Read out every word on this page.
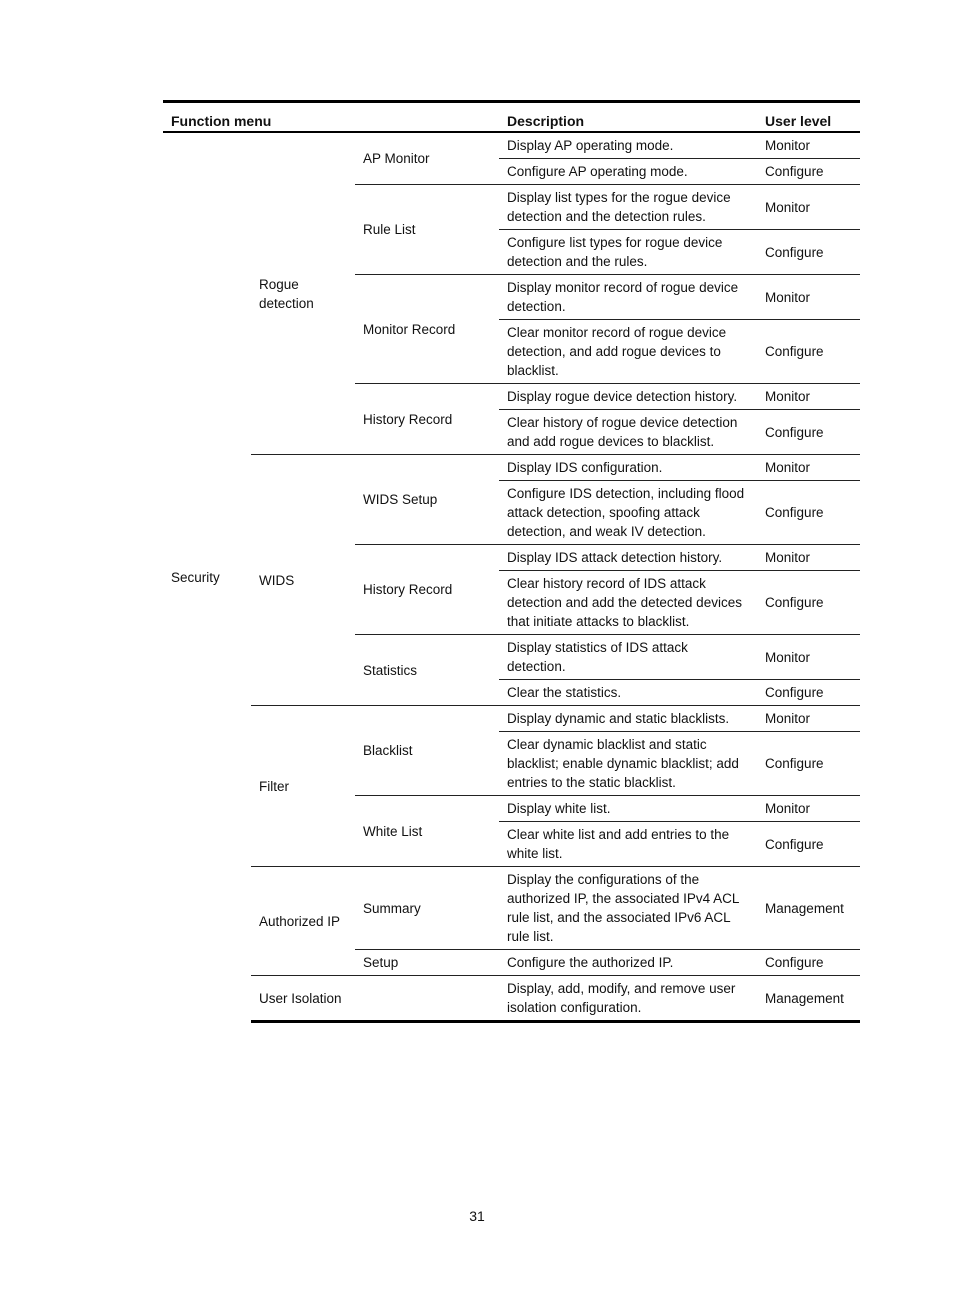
Function menu			Description	User level
Security	Rogue detection	AP Monitor	Display AP operating mode.	Monitor
			Configure AP operating mode.	Configure
		Rule List	Display list types for the rogue device detection and the detection rules.	Monitor
			Configure list types for rogue device detection and the rules.	Configure
		Monitor Record	Display monitor record of rogue device detection.	Monitor
			Clear monitor record of rogue device detection, and add rogue devices to blacklist.	Configure
		History Record	Display rogue device detection history.	Monitor
			Clear history of rogue device detection and add rogue devices to blacklist.	Configure
	WIDS	WIDS Setup	Display IDS configuration.	Monitor
			Configure IDS detection, including flood attack detection, spoofing attack detection, and weak IV detection.	Configure
		History Record	Display IDS attack detection history.	Monitor
			Clear history record of IDS attack detection and add the detected devices that initiate attacks to blacklist.	Configure
		Statistics	Display statistics of IDS attack detection.	Monitor
			Clear the statistics.	Configure
	Filter	Blacklist	Display dynamic and static blacklists.	Monitor
			Clear dynamic blacklist and static blacklist; enable dynamic blacklist; add entries to the static blacklist.	Configure
		White List	Display white list.	Monitor
			Clear white list and add entries to the white list.	Configure
	Authorized IP	Summary	Display the configurations of the authorized IP, the associated IPv4 ACL rule list, and the associated IPv6 ACL rule list.	Management
		Setup	Configure the authorized IP.	Configure
	User Isolation		Display, add, modify, and remove user isolation configuration.	Management
31
